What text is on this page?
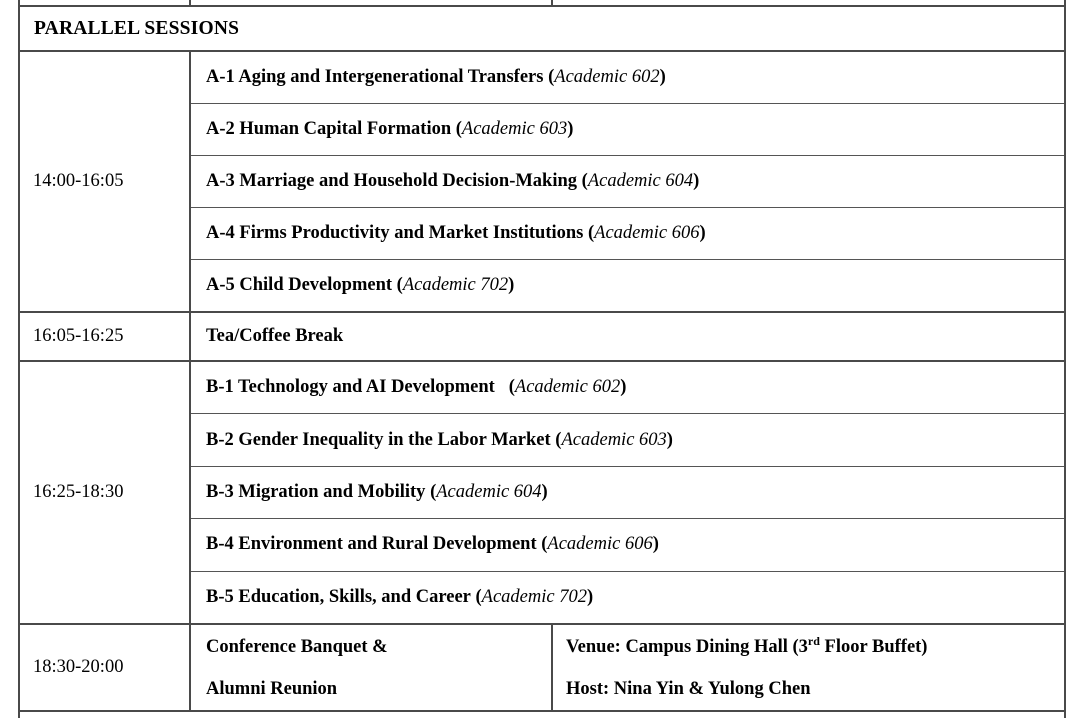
PARALLEL SESSIONS
14:00-16:05
A-1 Aging and Intergenerational Transfers ( Academic 602 )
A-2 Human Capital Formation ( Academic 603 )
A-3 Marriage and Household Decision-Making ( Academic 604 )
A-4 Firms Productivity and Market Institutions ( Academic 606 )
A-5 Child Development ( Academic 702 )
16:05-16:25	Tea/Coffee Break
16:25-18:30
B-1 Technology and AI Development ( Academic 602 )
B-2 Gender Inequality in the Labor Market ( Academic 603 )
B-3 Migration and Mobility ( Academic 604 )
B-4 Environment and Rural Development ( Academic 606 )
B-5 Education, Skills, and Career ( Academic 702 )
18:30-20:00
Conference Banquet &
Alumni Reunion
Venue: Campus Dining Hall (3rd Floor Buffet)
Host: Nina Yin & Yulong Chen
